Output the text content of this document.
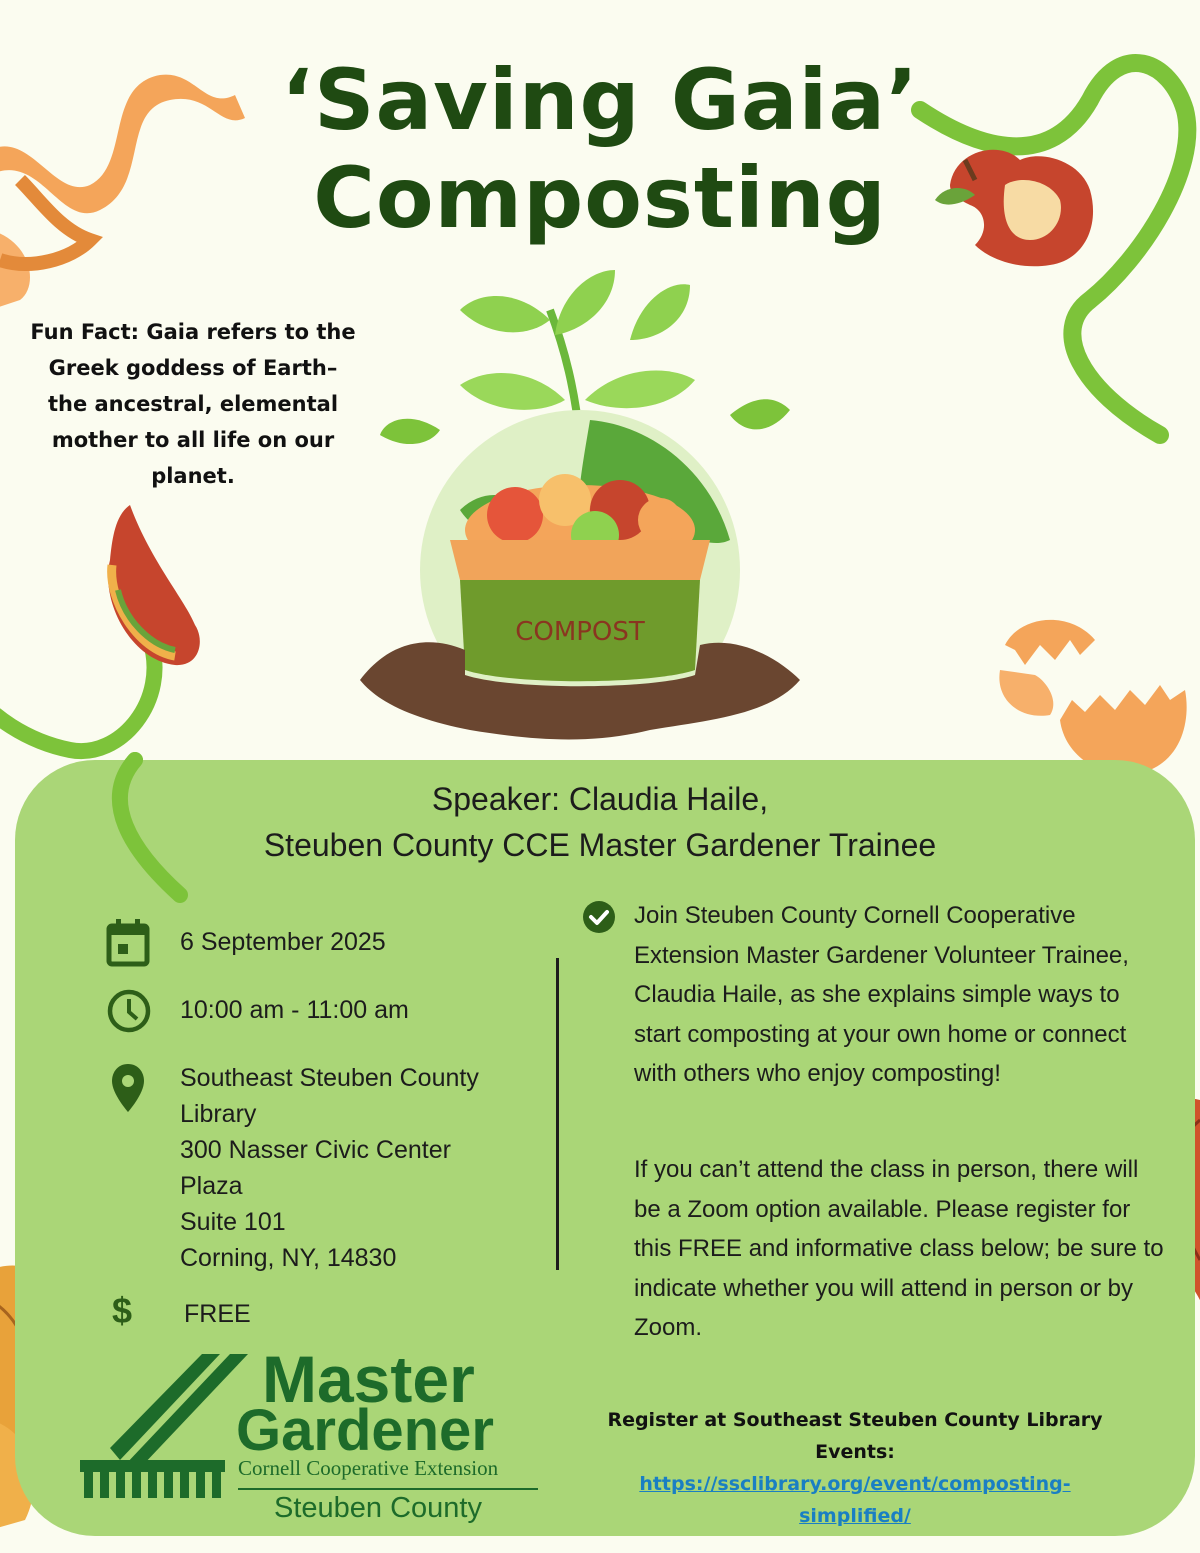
‘Saving Gaia’
Composting
Fun Fact: Gaia refers to the Greek goddess of Earth–the ancestral, elemental mother to all life on our planet.
COMPOST
Speaker: Claudia Haile,
Steuben County CCE Master Gardener Trainee
6 September 2025
10:00 am - 11:00 am
Southeast Steuben County
Library
300 Nasser Civic Center
Plaza
Suite 101
Corning, NY, 14830
$ FREE
Join Steuben County Cornell Cooperative Extension Master Gardener Volunteer Trainee, Claudia Haile, as she explains simple ways to start composting at your own home or connect with others who enjoy composting!
If you can’t attend the class in person, there will be a Zoom option available. Please register for this FREE and informative class below; be sure to indicate whether you will attend in person or by Zoom.
Register at Southeast Steuben County Library Events:
https://ssclibrary.org/event/composting-
simplified/
Master
Gardener
Cornell Cooperative Extension
Steuben County
